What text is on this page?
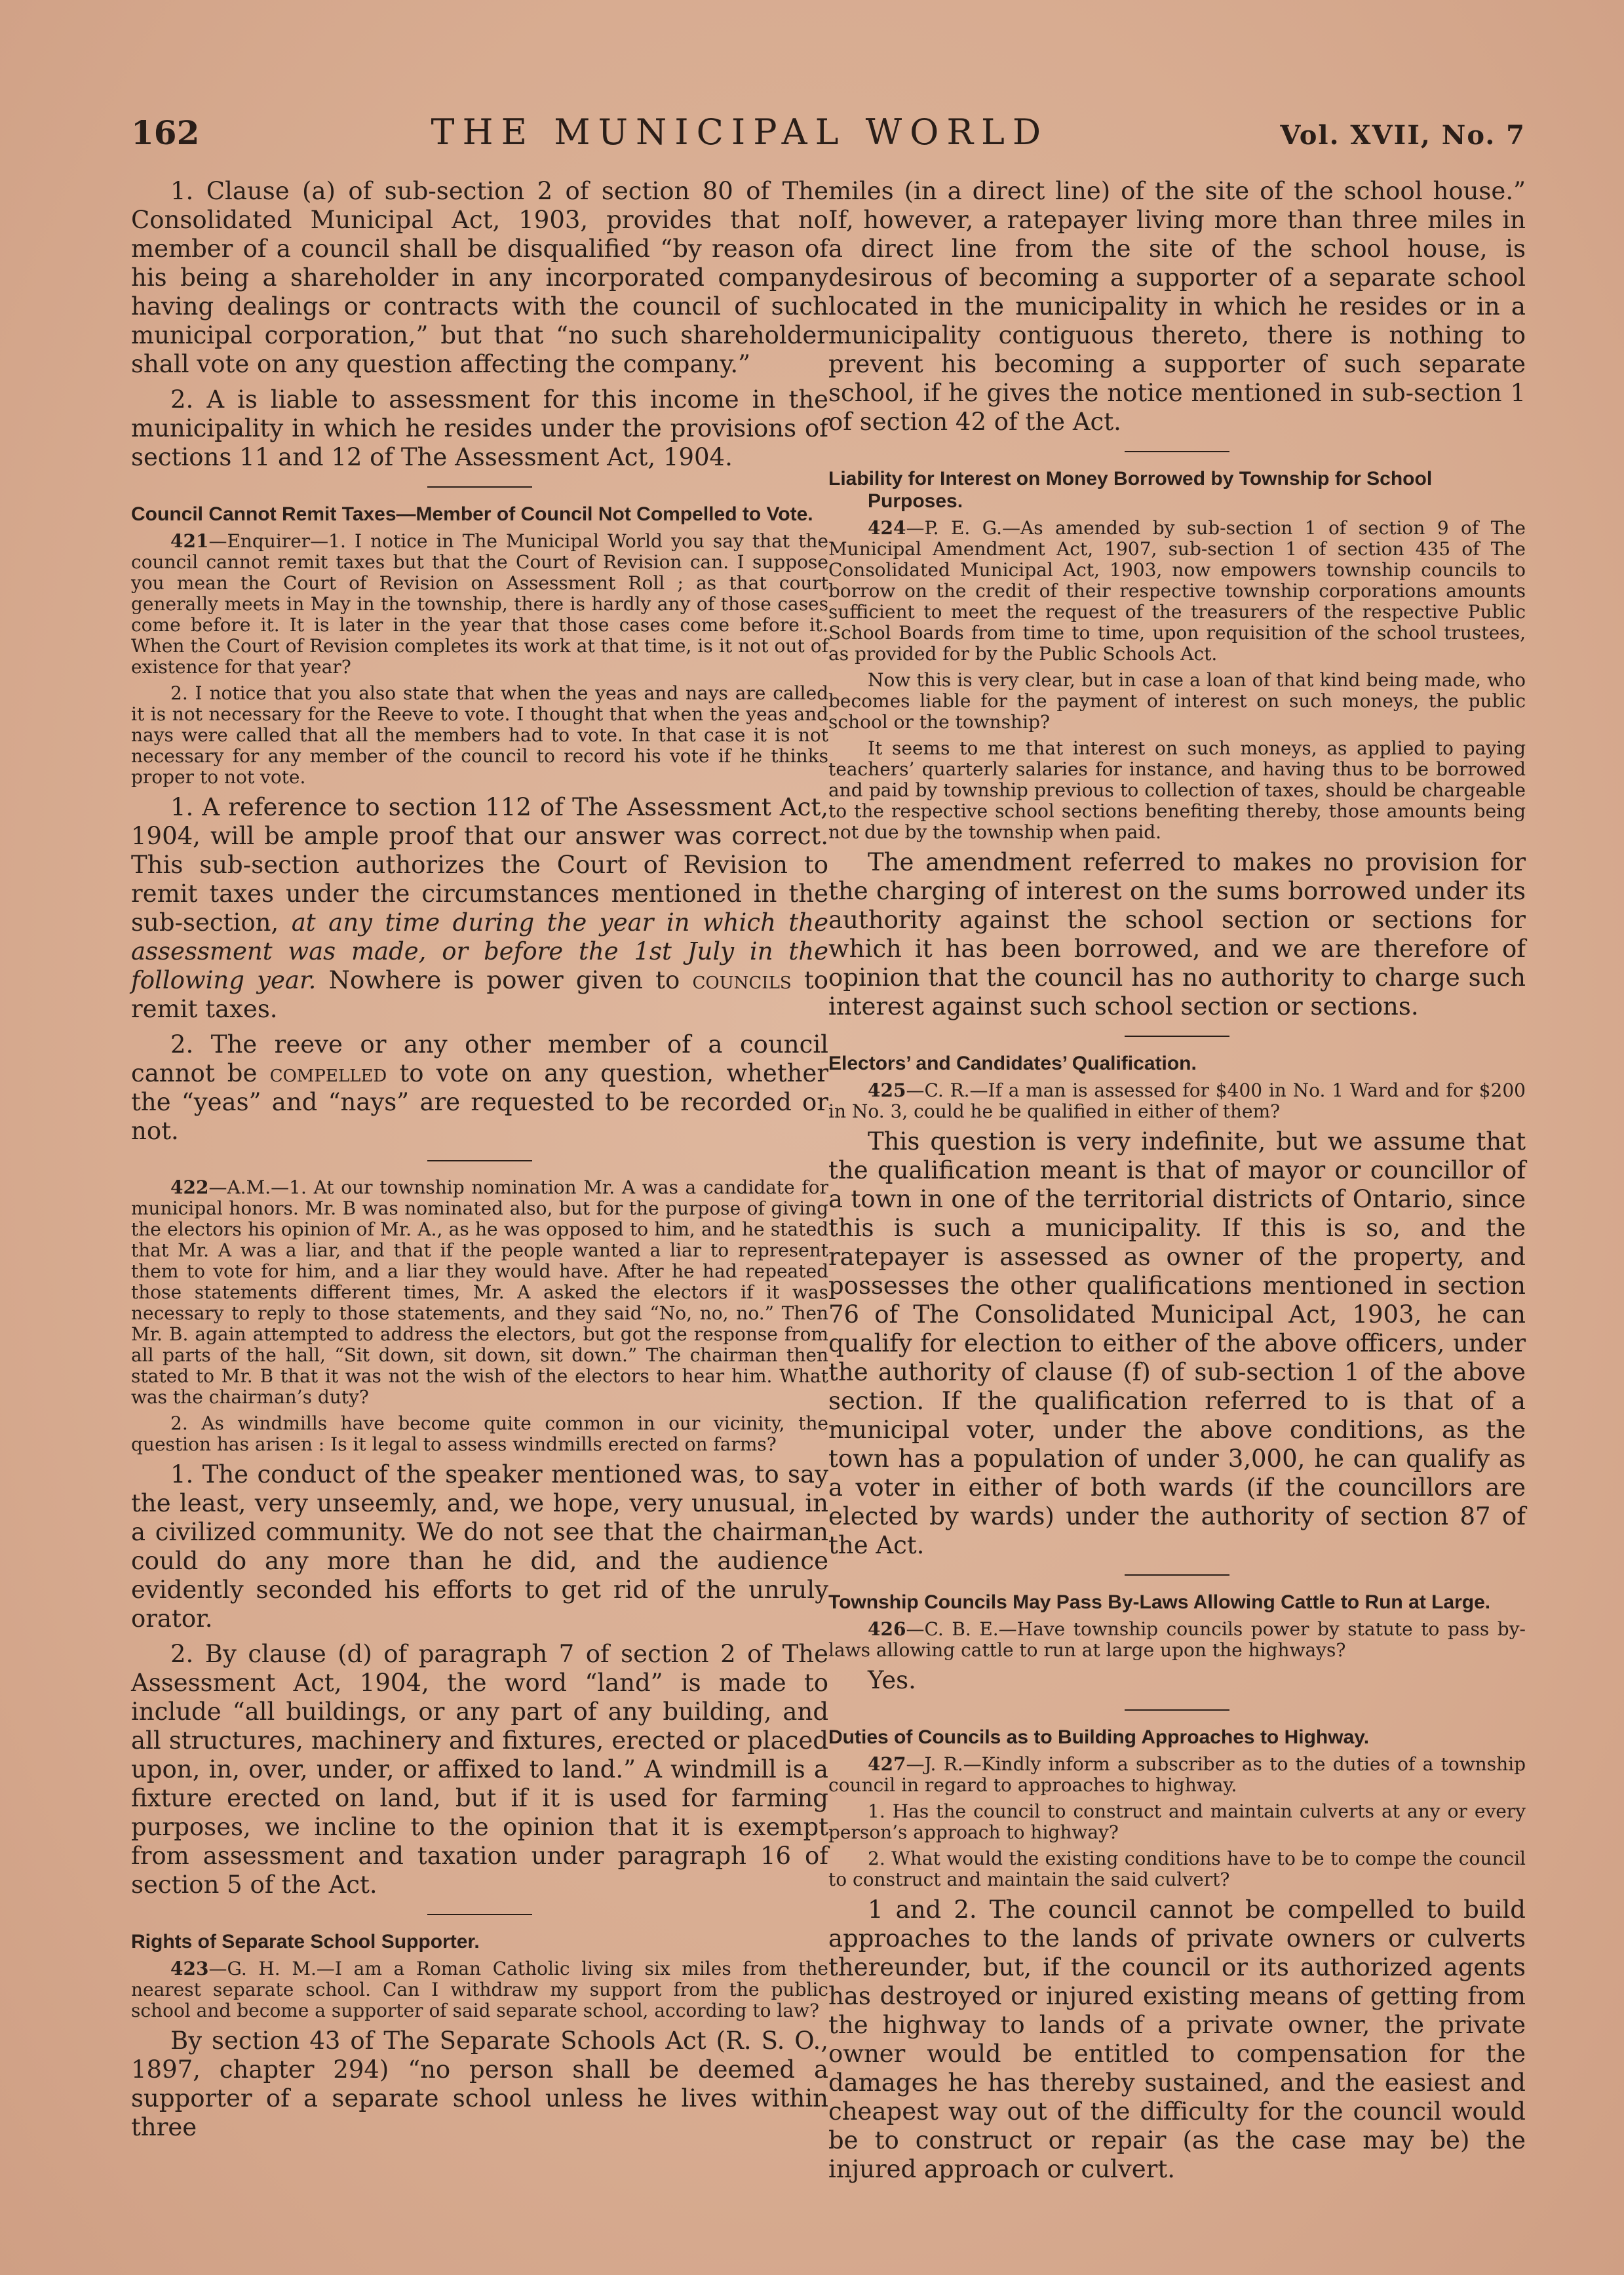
162	THE MUNICIPAL WORLD	Vol. XVII, No. 7

1. Clause (a) of sub-section 2 of section 80 of The Consolidated Municipal Act, 1903, provides that no member of a council shall be disqualified “by reason of his being a shareholder in any incorporated company having dealings or contracts with the council of such municipal corporation,” but that “no such shareholder shall vote on any question affecting the company.”

2. A is liable to assessment for this income in the municipality in which he resides under the provisions of sections 11 and 12 of The Assessment Act, 1904.

Council Cannot Remit Taxes—Member of Council Not Compelled to Vote.

421—Enquirer—1. I notice in The Municipal World you say that the council cannot remit taxes but that the Court of Revision can. I suppose you mean the Court of Revision on Assessment Roll ; as that court generally meets in May in the township, there is hardly any of those cases come before it. It is later in the year that those cases come before it. When the Court of Revision completes its work at that time, is it not out of existence for that year?

2. I notice that you also state that when the yeas and nays are called it is not necessary for the Reeve to vote. I thought that when the yeas and nays were called that all the members had to vote. In that case it is not necessary for any member of the council to record his vote if he thinks proper to not vote.

1. A reference to section 112 of The Assessment Act, 1904, will be ample proof that our answer was correct. This sub-section authorizes the Court of Revision to remit taxes under the circumstances mentioned in the sub-section, at any time during the year in which the assessment was made, or before the 1st July in the following year. Nowhere is power given to councils to remit taxes.

2. The reeve or any other member of a council cannot be compelled to vote on any question, whether the “yeas” and “nays” are requested to be recorded or not.

422—A.M.—1. At our township nomination Mr. A was a candidate for municipal honors. Mr. B was nominated also, but for the purpose of giving the electors his opinion of Mr. A., as he was opposed to him, and he stated that Mr. A was a liar, and that if the people wanted a liar to represent them to vote for him, and a liar they would have. After he had repeated those statements different times, Mr. A asked the electors if it was necessary to reply to those statements, and they said “No, no, no.” Then Mr. B. again attempted to address the electors, but got the response from all parts of the hall, “Sit down, sit down, sit down.” The chairman then stated to Mr. B that it was not the wish of the electors to hear him. What was the chairman’s duty?

2. As windmills have become quite common in our vicinity, the question has arisen : Is it legal to assess windmills erected on farms?

1. The conduct of the speaker mentioned was, to say the least, very unseemly, and, we hope, very unusual, in a civilized community. We do not see that the chairman could do any more than he did, and the audience evidently seconded his efforts to get rid of the unruly orator.

2. By clause (d) of paragraph 7 of section 2 of The Assessment Act, 1904, the word “land” is made to include “all buildings, or any part of any building, and all structures, machinery and fixtures, erected or placed upon, in, over, under, or affixed to land.” A windmill is a fixture erected on land, but if it is used for farming purposes, we incline to the opinion that it is exempt from assessment and taxation under paragraph 16 of section 5 of the Act.

Rights of Separate School Supporter.

423—G. H. M.—I am a Roman Catholic living six miles from the nearest separate school. Can I withdraw my support from the public school and become a supporter of said separate school, according to law?

By section 43 of The Separate Schools Act (R. S. O., 1897, chapter 294) “no person shall be deemed a supporter of a separate school unless he lives within three

miles (in a direct line) of the site of the school house.” If, however, a ratepayer living more than three miles in a direct line from the site of the school house, is desirous of becoming a supporter of a separate school located in the municipality in which he resides or in a municipality contiguous thereto, there is nothing to prevent his becoming a supporter of such separate school, if he gives the notice mentioned in sub-section 1 of section 42 of the Act.

Liability for Interest on Money Borrowed by Township for School Purposes.

424—P. E. G.—As amended by sub-section 1 of section 9 of The Municipal Amendment Act, 1907, sub-section 1 of section 435 of The Consolidated Municipal Act, 1903, now empowers township councils to borrow on the credit of their respective township corporations amounts sufficient to meet the request of the treasurers of the respective Public School Boards from time to time, upon requisition of the school trustees, as provided for by the Public Schools Act.

Now this is very clear, but in case a loan of that kind being made, who becomes liable for the payment of interest on such moneys, the public school or the township?

It seems to me that interest on such moneys, as applied to paying teachers’ quarterly salaries for instance, and having thus to be borrowed and paid by township previous to collection of taxes, should be chargeable to the respective school sections benefiting thereby, those amounts being not due by the township when paid.

The amendment referred to makes no provision for the charging of interest on the sums borrowed under its authority against the school section or sections for which it has been borrowed, and we are therefore of opinion that the council has no authority to charge such interest against such school section or sections.

Electors’ and Candidates’ Qualification.

425—C. R.—If a man is assessed for $400 in No. 1 Ward and for $200 in No. 3, could he be qualified in either of them?

This question is very indefinite, but we assume that the qualification meant is that of mayor or councillor of a town in one of the territorial districts of Ontario, since this is such a municipality. If this is so, and the ratepayer is assessed as owner of the property, and possesses the other qualifications mentioned in section 76 of The Consolidated Municipal Act, 1903, he can qualify for election to either of the above officers, under the authority of clause (f) of sub-section 1 of the above section. If the qualification referred to is that of a municipal voter, under the above conditions, as the town has a population of under 3,000, he can qualify as a voter in either of both wards (if the councillors are elected by wards) under the authority of section 87 of the Act.

Township Councils May Pass By-Laws Allowing Cattle to Run at Large.

426—C. B. E.—Have township councils power by statute to pass by-laws allowing cattle to run at large upon the highways?

Yes.

Duties of Councils as to Building Approaches to Highway.

427—J. R.—Kindly inform a subscriber as to the duties of a township council in regard to approaches to highway.

1. Has the council to construct and maintain culverts at any or every person’s approach to highway?

2. What would the existing conditions have to be to compe the council to construct and maintain the said culvert?

1 and 2. The council cannot be compelled to build approaches to the lands of private owners or culverts thereunder, but, if the council or its authorized agents has destroyed or injured existing means of getting from the highway to lands of a private owner, the private owner would be entitled to compensation for the damages he has thereby sustained, and the easiest and cheapest way out of the difficulty for the council would be to construct or repair (as the case may be) the injured approach or culvert.
